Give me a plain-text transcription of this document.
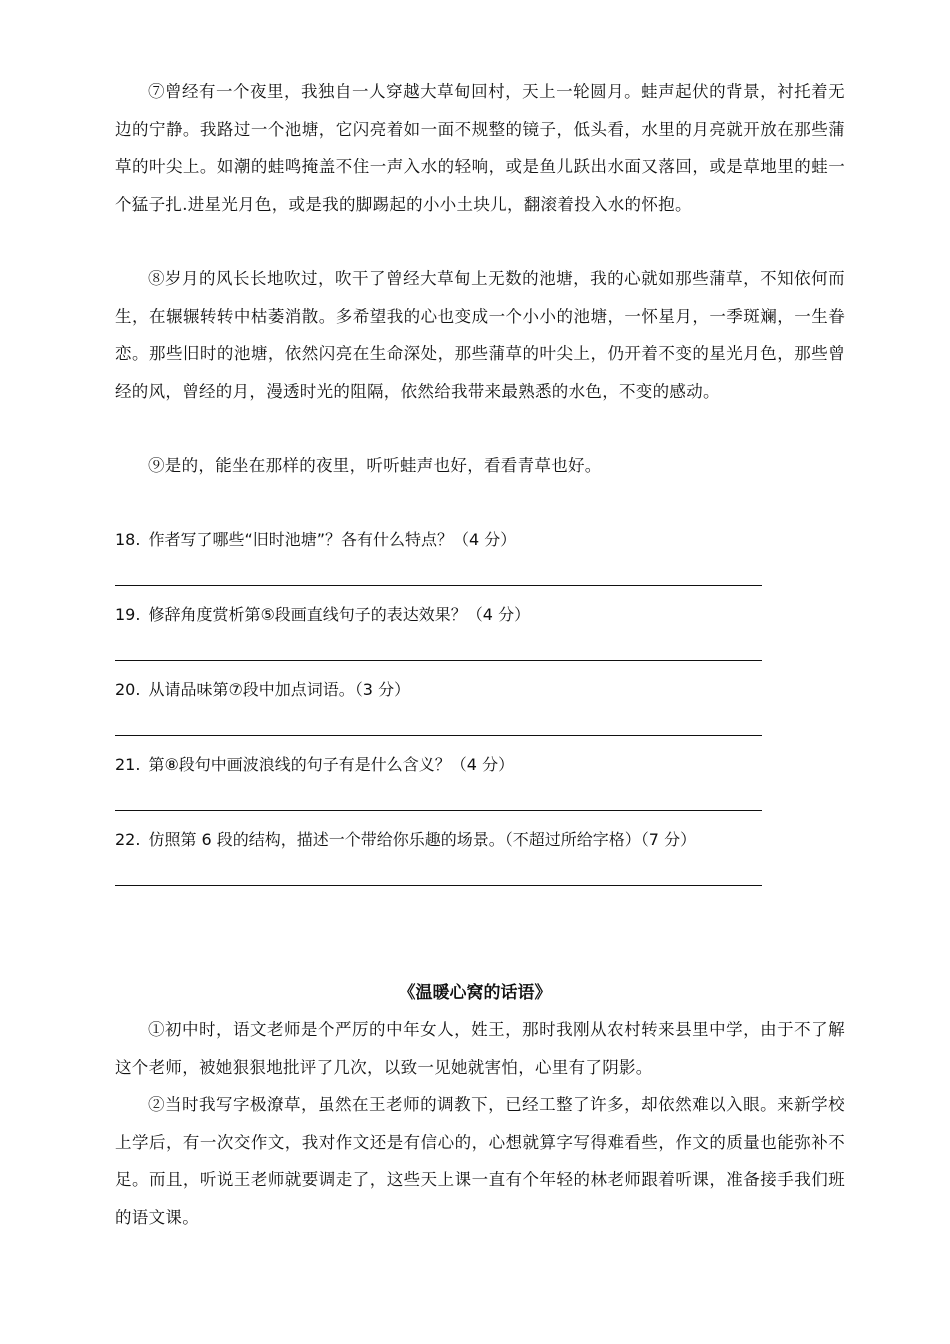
⑦曾经有一个夜里，我独自一人穿越大草甸回村，天上一轮圆月。蛙声起伏的背景，衬托着无边的宁静。我路过一个池塘，它闪亮着如一面不规整的镜子，低头看，水里的月亮就开放在那些蒲草的叶尖上。如潮的蛙鸣掩盖不住一声入水的轻响，或是鱼儿跃出水面又落回，或是草地里的蛙一个猛子扎.进星光月色，或是我的脚踢起的小小土块儿，翻滚着投入水的怀抱。

⑧岁月的风长长地吹过，吹干了曾经大草甸上无数的池塘，我的心就如那些蒲草，不知依何而生，在辗辗转转中枯萎消散。多希望我的心也变成一个小小的池塘，一怀星月，一季斑斓，一生眷恋。那些旧时的池塘，依然闪亮在生命深处，那些蒲草的叶尖上，仍开着不变的星光月色，那些曾经的风，曾经的月，漫透时光的阻隔，依然给我带来最熟悉的水色，不变的感动。

⑨是的，能坐在那样的夜里，听听蛙声也好，看看青草也好。

18. 作者写了哪些“旧时池塘”？各有什么特点？（4 分）
19. 修辞角度赏析第⑤段画直线句子的表达效果？（4 分）
20. 从请品味第⑦段中加点词语。（3 分）
21. 第⑧段句中画波浪线的句子有是什么含义？（4 分）
22. 仿照第 6 段的结构，描述一个带给你乐趣的场景。（不超过所给字格）（7 分）

《温暖心窝的话语》

①初中时，语文老师是个严厉的中年女人，姓王，那时我刚从农村转来县里中学，由于不了解这个老师，被她狠狠地批评了几次，以致一见她就害怕，心里有了阴影。

②当时我写字极潦草，虽然在王老师的调教下，已经工整了许多，却依然难以入眼。来新学校上学后，有一次交作文，我对作文还是有信心的，心想就算字写得难看些，作文的质量也能弥补不足。而且，听说王老师就要调走了，这些天上课一直有个年轻的林老师跟着听课，准备接手我们班的语文课。
